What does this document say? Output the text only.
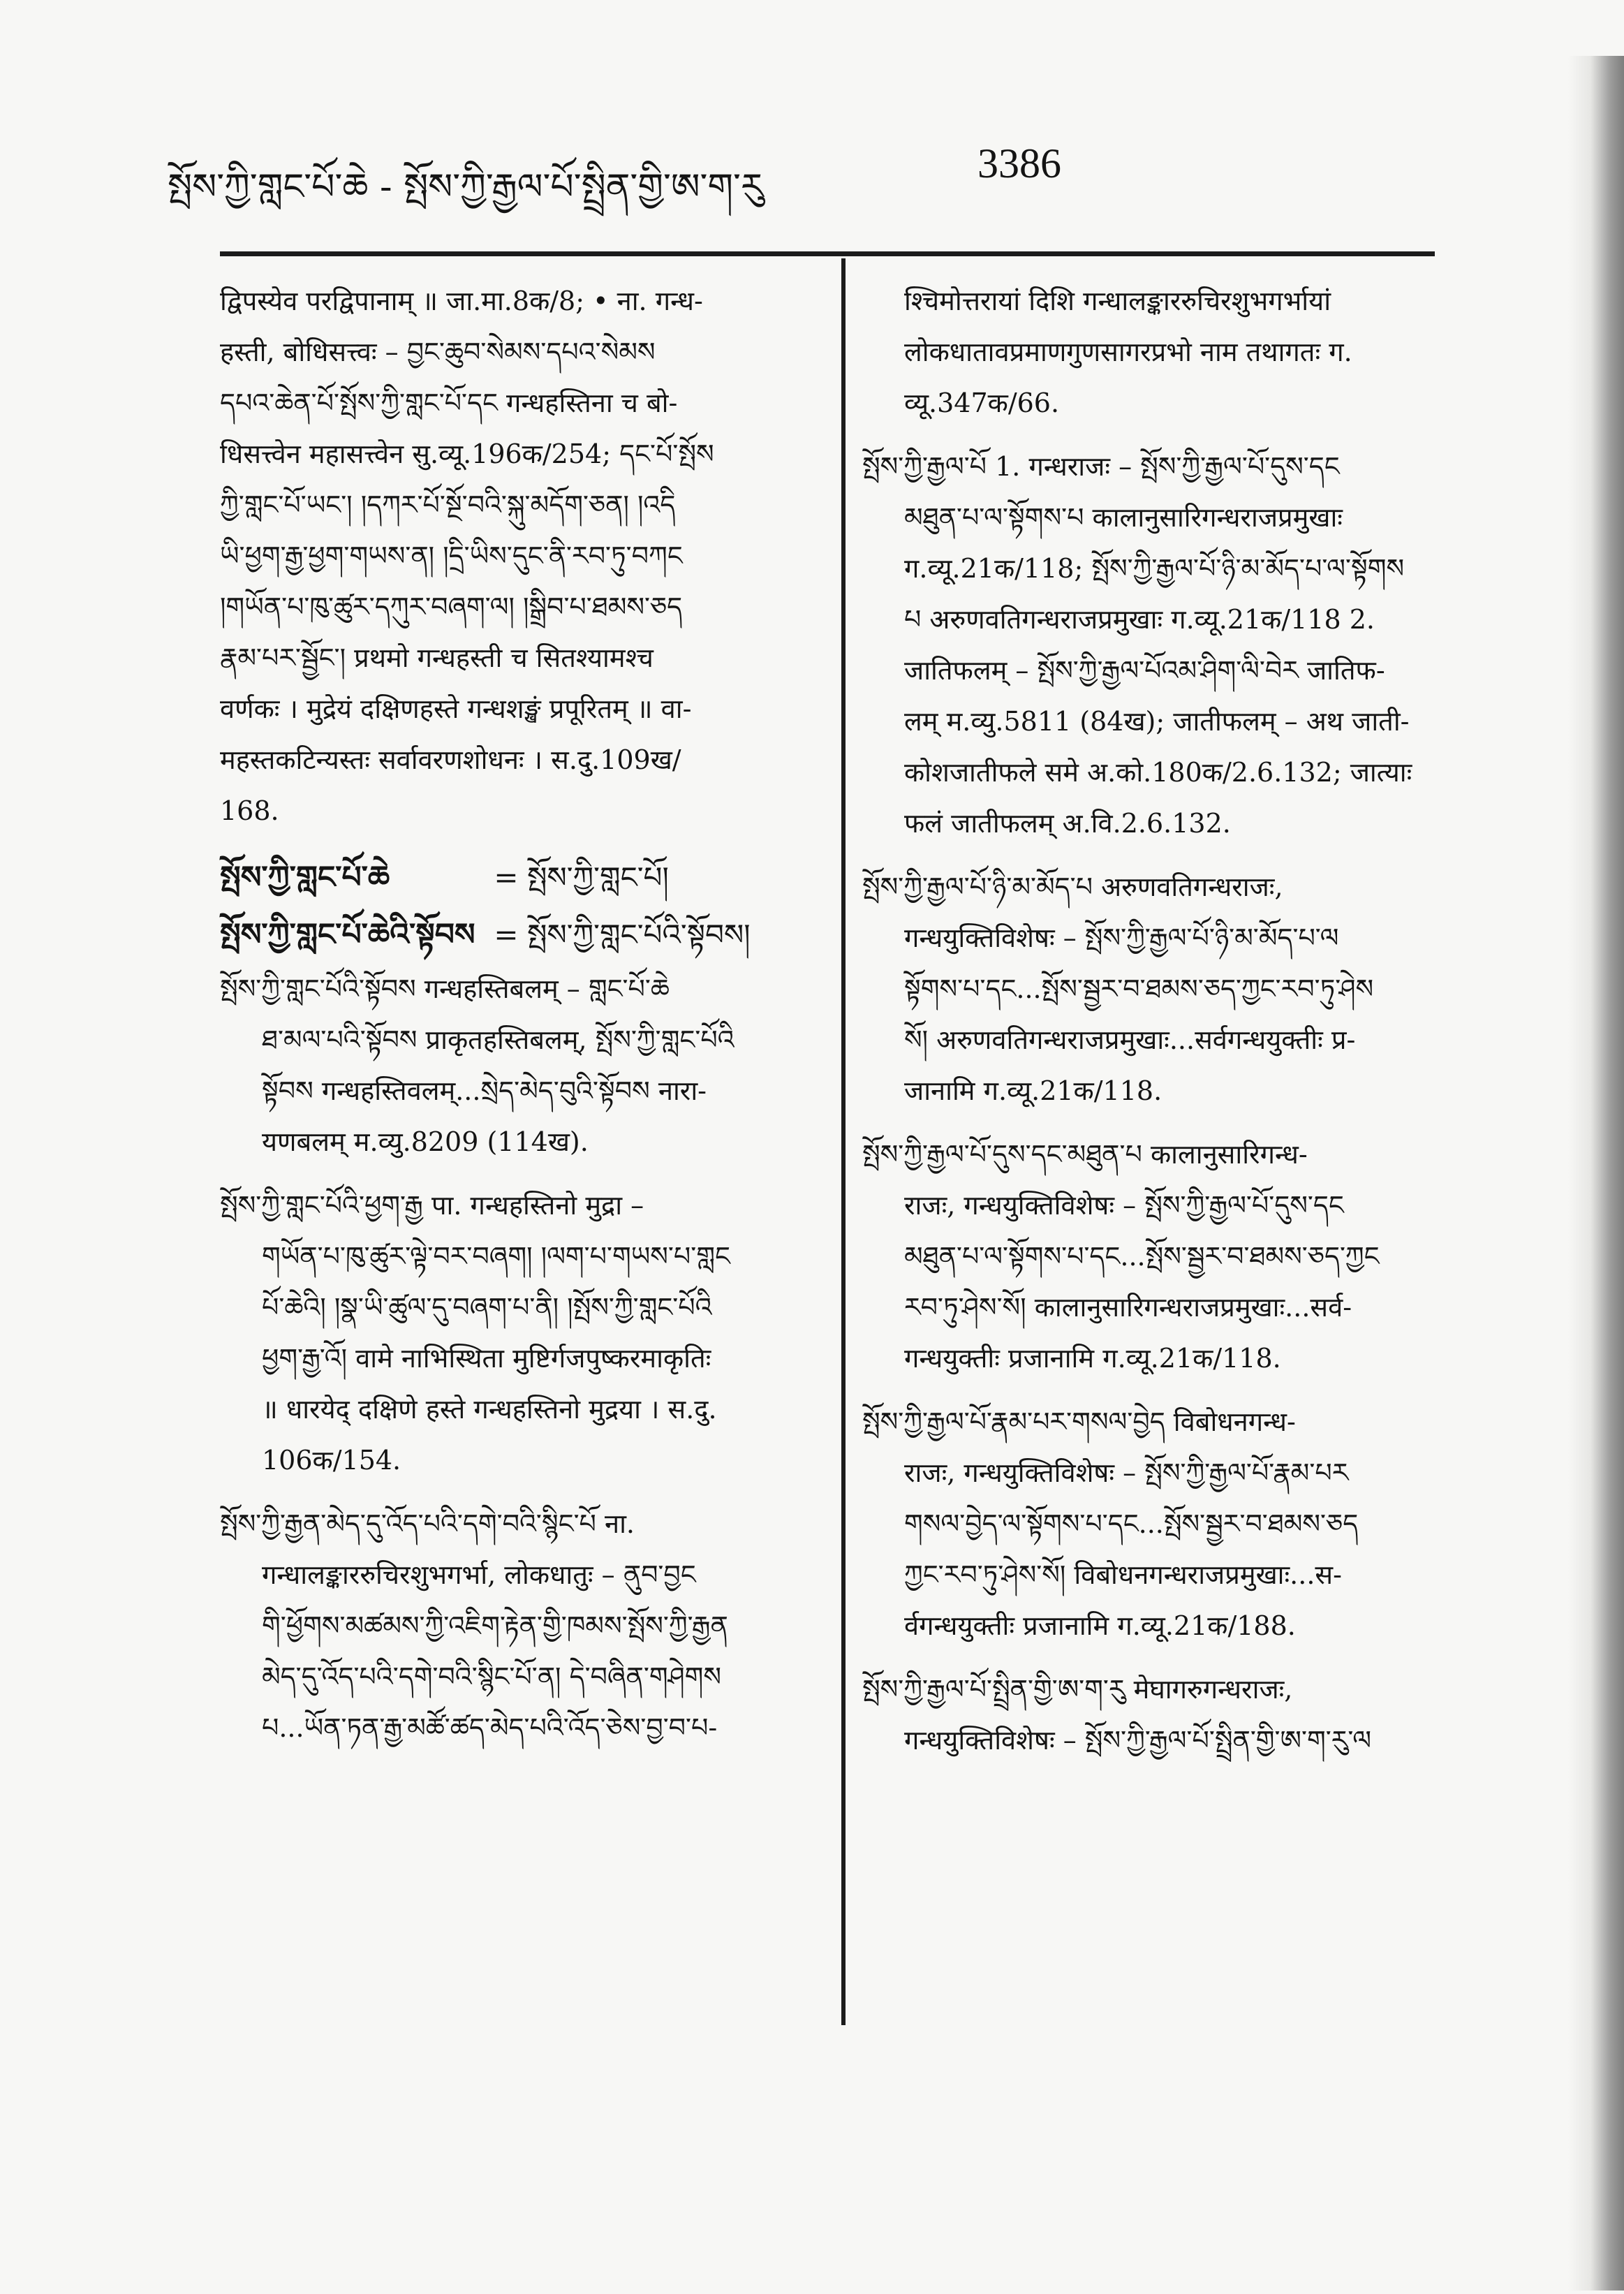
སྤོས་ཀྱི་གླང་པོ་ཆེ - སྤོས་ཀྱི་རྒྱལ་པོ་སྤྲིན་གྱི་ཨ་ག་རུ
3386

द्विपस्येव परद्विपानाम् ॥ जा.मा.8क/8; • ना. गन्ध-

हस्ती, बोधिसत्त्वः – བྱང་ཆུབ་སེམས་དཔའ་སེམས

དཔའ་ཆེན་པོ་སྤོས་ཀྱི་གླང་པོ་དང गन्धहस्तिना च बो-

धिसत्त्वेन महासत्त्वेन सु.व्यू.196क/254; དང་པོ་སྤོས

ཀྱི་གླང་པོ་ཡང་། །དཀར་པོ་སྔོ་བའི་སྐུ་མདོག་ཅན། །འདི

ཡི་ཕྱག་རྒྱ་ཕྱག་གཡས་ན། །དྲི་ཡིས་དུང་ནི་རབ་ཏུ་བཀང

།གཡོན་པ་ཁུ་ཚུར་དཀུར་བཞག་ལ། །སྒྲིབ་པ་ཐམས་ཅད

རྣམ་པར་སྦྱོང་། प्रथमो गन्धहस्ती च सितश्यामश्च

वर्णकः । मुद्रेयं दक्षिणहस्ते गन्धशङ्खं प्रपूरितम् ॥ वा-

महस्तकटिन्यस्तः सर्वावरणशोधनः । स.दु.109ख/

168.

སྤོས་ཀྱི་གླང་པོ་ཆེ	= སྤོས་ཀྱི་གླང་པོ།
སྤོས་ཀྱི་གླང་པོ་ཆེའི་སྟོབས = སྤོས་ཀྱི་གླང་པོའི་སྟོབས།

སྤོས་ཀྱི་གླང་པོའི་སྟོབས गन्धहस्तिबलम् – གླང་པོ་ཆེ

ཐ་མལ་པའི་སྟོབས प्राकृतहस्तिबलम्, སྤོས་ཀྱི་གླང་པོའི

སྟོབས गन्धहस्तिवलम्...སྲེད་མེད་བུའི་སྟོབས नारा-

यणबलम् म.व्यु.8209 (114ख).

སྤོས་ཀྱི་གླང་པོའི་ཕྱག་རྒྱ पा. गन्धहस्तिनो मुद्रा –

གཡོན་པ་ཁུ་ཚུར་ལྟེ་བར་བཞག། །ལག་པ་གཡས་པ་གླང

པོ་ཆེའི། །སྣ་ཡི་ཚུལ་དུ་བཞག་པ་ནི། །སྤོས་ཀྱི་གླང་པོའི

ཕྱག་རྒྱ་འོ། वामे नाभिस्थिता मुष्टिर्गजपुष्करमाकृतिः

॥ धारयेद् दक्षिणे हस्ते गन्धहस्तिनो मुद्रया । स.दु.

106क/154.

སྤོས་ཀྱི་རྒྱན་མེད་དུ་འོད་པའི་དགེ་བའི་སྙིང་པོ ना.

गन्धालङ्काररुचिरशुभगर्भा, लोकधातुः – ནུབ་བྱང

གི་ཕྱོགས་མཚམས་ཀྱི་འཇིག་རྟེན་གྱི་ཁམས་སྤོས་ཀྱི་རྒྱན

མེད་དུ་འོད་པའི་དགེ་བའི་སྙིང་པོ་ན། དེ་བཞིན་གཤེགས

པ...ཡོན་ཏན་རྒྱ་མཚོ་ཚད་མེད་པའི་འོད་ཅེས་བྱ་བ་པ-

श्चिमोत्तरायां दिशि गन्धालङ्काररुचिरशुभगर्भायां

लोकधातावप्रमाणगुणसागरप्रभो नाम तथागतः ग.

व्यू.347क/66.

སྤོས་ཀྱི་རྒྱལ་པོ 1. गन्धराजः – སྤོས་ཀྱི་རྒྱལ་པོ་དུས་དང

མཐུན་པ་ལ་སྟོགས་པ कालानुसारिगन्धराजप्रमुखाः

ग.व्यू.21क/118; སྤོས་ཀྱི་རྒྱལ་པོ་ཉི་མ་མོད་པ་ལ་སྟོགས

པ अरुणवतिगन्धराजप्रमुखाः ग.व्यू.21क/118 2.

जातिफलम् – སྤོས་ཀྱི་རྒྱལ་པོའམ་ཤིག་ལི་བེར जातिफ-

लम् म.व्यु.5811 (84ख); जातीफलम् – अथ जाती-

कोशजातीफले समे अ.को.180क/2.6.132; जात्याः

फलं जातीफलम् अ.वि.2.6.132.

སྤོས་ཀྱི་རྒྱལ་པོ་ཉི་མ་མོད་པ अरुणवतिगन्धराजः,

गन्धयुक्तिविशेषः – སྤོས་ཀྱི་རྒྱལ་པོ་ཉི་མ་མོད་པ་ལ

སྟོགས་པ་དང...སྤོས་སྦྱར་བ་ཐམས་ཅད་ཀྱང་རབ་ཏུ་ཤེས

སོ། अरुणवतिगन्धराजप्रमुखाः...सर्वगन्धयुक्तीः प्र-

जानामि ग.व्यू.21क/118.

སྤོས་ཀྱི་རྒྱལ་པོ་དུས་དང་མཐུན་པ कालानुसारिगन्ध-

राजः, गन्धयुक्तिविशेषः – སྤོས་ཀྱི་རྒྱལ་པོ་དུས་དང

མཐུན་པ་ལ་སྟོགས་པ་དང...སྤོས་སྦྱར་བ་ཐམས་ཅད་ཀྱང

རབ་ཏུ་ཤེས་སོ། कालानुसारिगन्धराजप्रमुखाः...सर्व-

गन्धयुक्तीः प्रजानामि ग.व्यू.21क/118.

སྤོས་ཀྱི་རྒྱལ་པོ་རྣམ་པར་གསལ་བྱེད विबोधनगन्ध-

राजः, गन्धयुक्तिविशेषः – སྤོས་ཀྱི་རྒྱལ་པོ་རྣམ་པར

གསལ་བྱེད་ལ་སྟོགས་པ་དང...སྤོས་སྦྱར་བ་ཐམས་ཅད

ཀྱང་རབ་ཏུ་ཤེས་སོ། विबोधनगन्धराजप्रमुखाः...स-

र्वगन्धयुक्तीः प्रजानामि ग.व्यू.21क/188.

སྤོས་ཀྱི་རྒྱལ་པོ་སྤྲིན་གྱི་ཨ་ག་རུ मेघागरुगन्धराजः,

गन्धयुक्तिविशेषः – སྤོས་ཀྱི་རྒྱལ་པོ་སྤྲིན་གྱི་ཨ་ག་རུ་ལ
